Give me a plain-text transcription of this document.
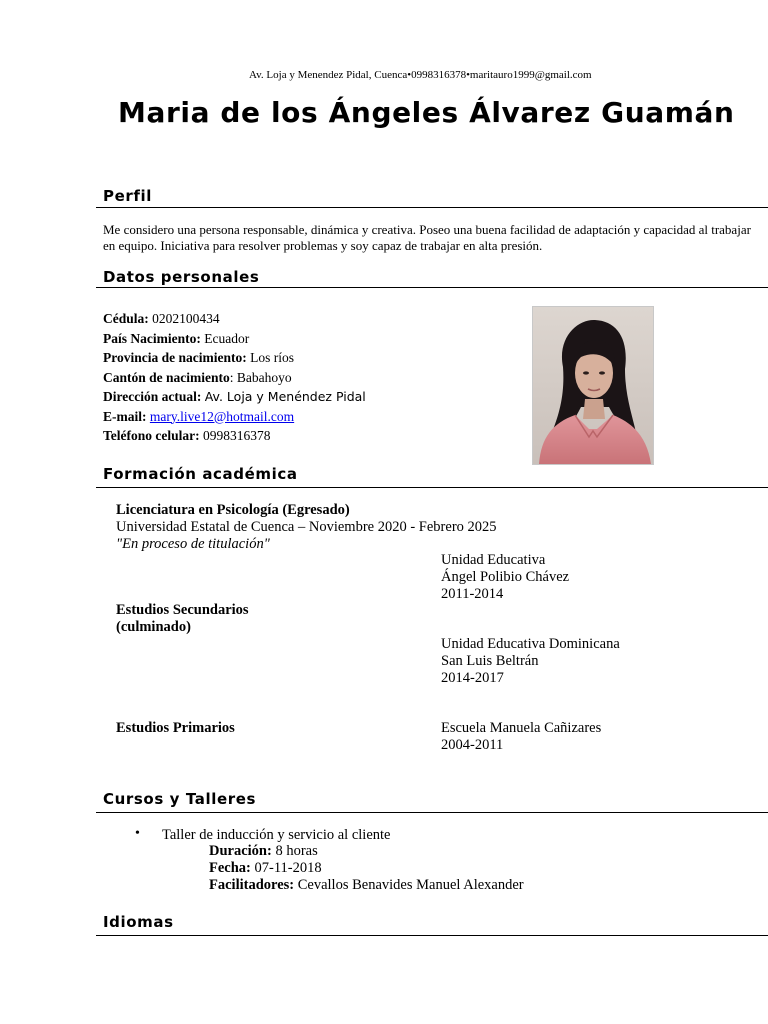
Av. Loja y Menendez Pidal, Cuenca•0998316378•maritauro1999@gmail.com
Maria de los Ángeles Álvarez Guamán
Perfil
Me considero una persona responsable, dinámica y creativa. Poseo una buena facilidad de adaptación y capacidad al trabajar en equipo. Iniciativa para resolver problemas y soy capaz de trabajar en alta presión.
Datos personales
Cédula: 0202100434
País Nacimiento: Ecuador
Provincia de nacimiento: Los ríos
Cantón de nacimiento: Babahoyo
Dirección actual: Av. Loja y Menéndez Pidal
E-mail: mary.live12@hotmail.com
Teléfono celular: 0998316378
Formación académica
Licenciatura en Psicología (Egresado)
Universidad Estatal de Cuenca – Noviembre 2020 - Febrero 2025
"En proceso de titulación"
Unidad Educativa
Ángel Polibio Chávez
2011-2014
Estudios Secundarios
(culminado)
Unidad Educativa Dominicana
San Luis Beltrán
2014-2017
Estudios Primarios	Escuela Manuela Cañizares
2004-2011
Cursos y Talleres
• Taller de inducción y servicio al cliente
Duración: 8 horas
Fecha: 07-11-2018
Facilitadores: Cevallos Benavides Manuel Alexander
Idiomas
